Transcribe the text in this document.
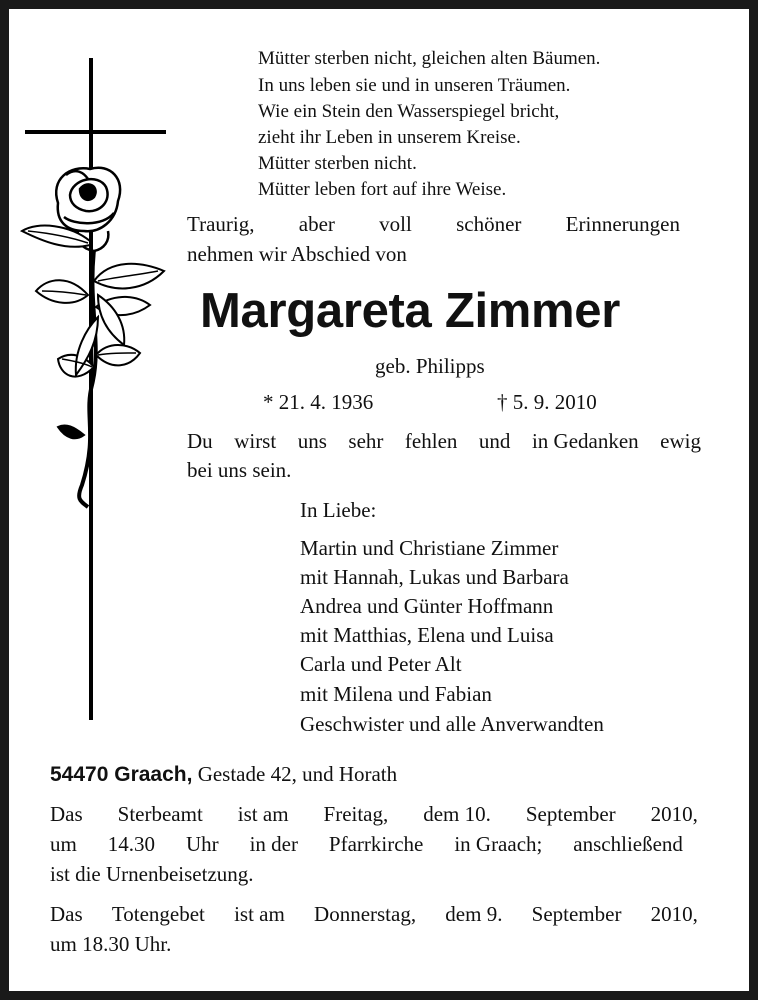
Mütter sterben nicht, gleichen alten Bäumen.
In uns leben sie und in unseren Träumen.
Wie ein Stein den Wasserspiegel bricht,
zieht ihr Leben in unserem Kreise.
Mütter sterben nicht.
Mütter leben fort auf ihre Weise.
Traurig, aber voll schöner Erinnerungen
nehmen wir Abschied von
Margareta Zimmer
geb. Philipps
* 21. 4. 1936	† 5. 9. 2010
Du wirst uns sehr fehlen und in Gedanken ewig
bei uns sein.
In Liebe:
Martin und Christiane Zimmer
mit Hannah, Lukas und Barbara
Andrea und Günter Hoffmann
mit Matthias, Elena und Luisa
Carla und Peter Alt
mit Milena und Fabian
Geschwister und alle Anverwandten
54470 Graach, Gestade 42, und Horath
Das Sterbeamt ist am Freitag, dem 10. September 2010,
um 14.30 Uhr in der Pfarrkirche in Graach; anschließend
ist die Urnenbeisetzung.
Das Totengebet ist am Donnerstag, dem 9. September 2010,
um 18.30 Uhr.
